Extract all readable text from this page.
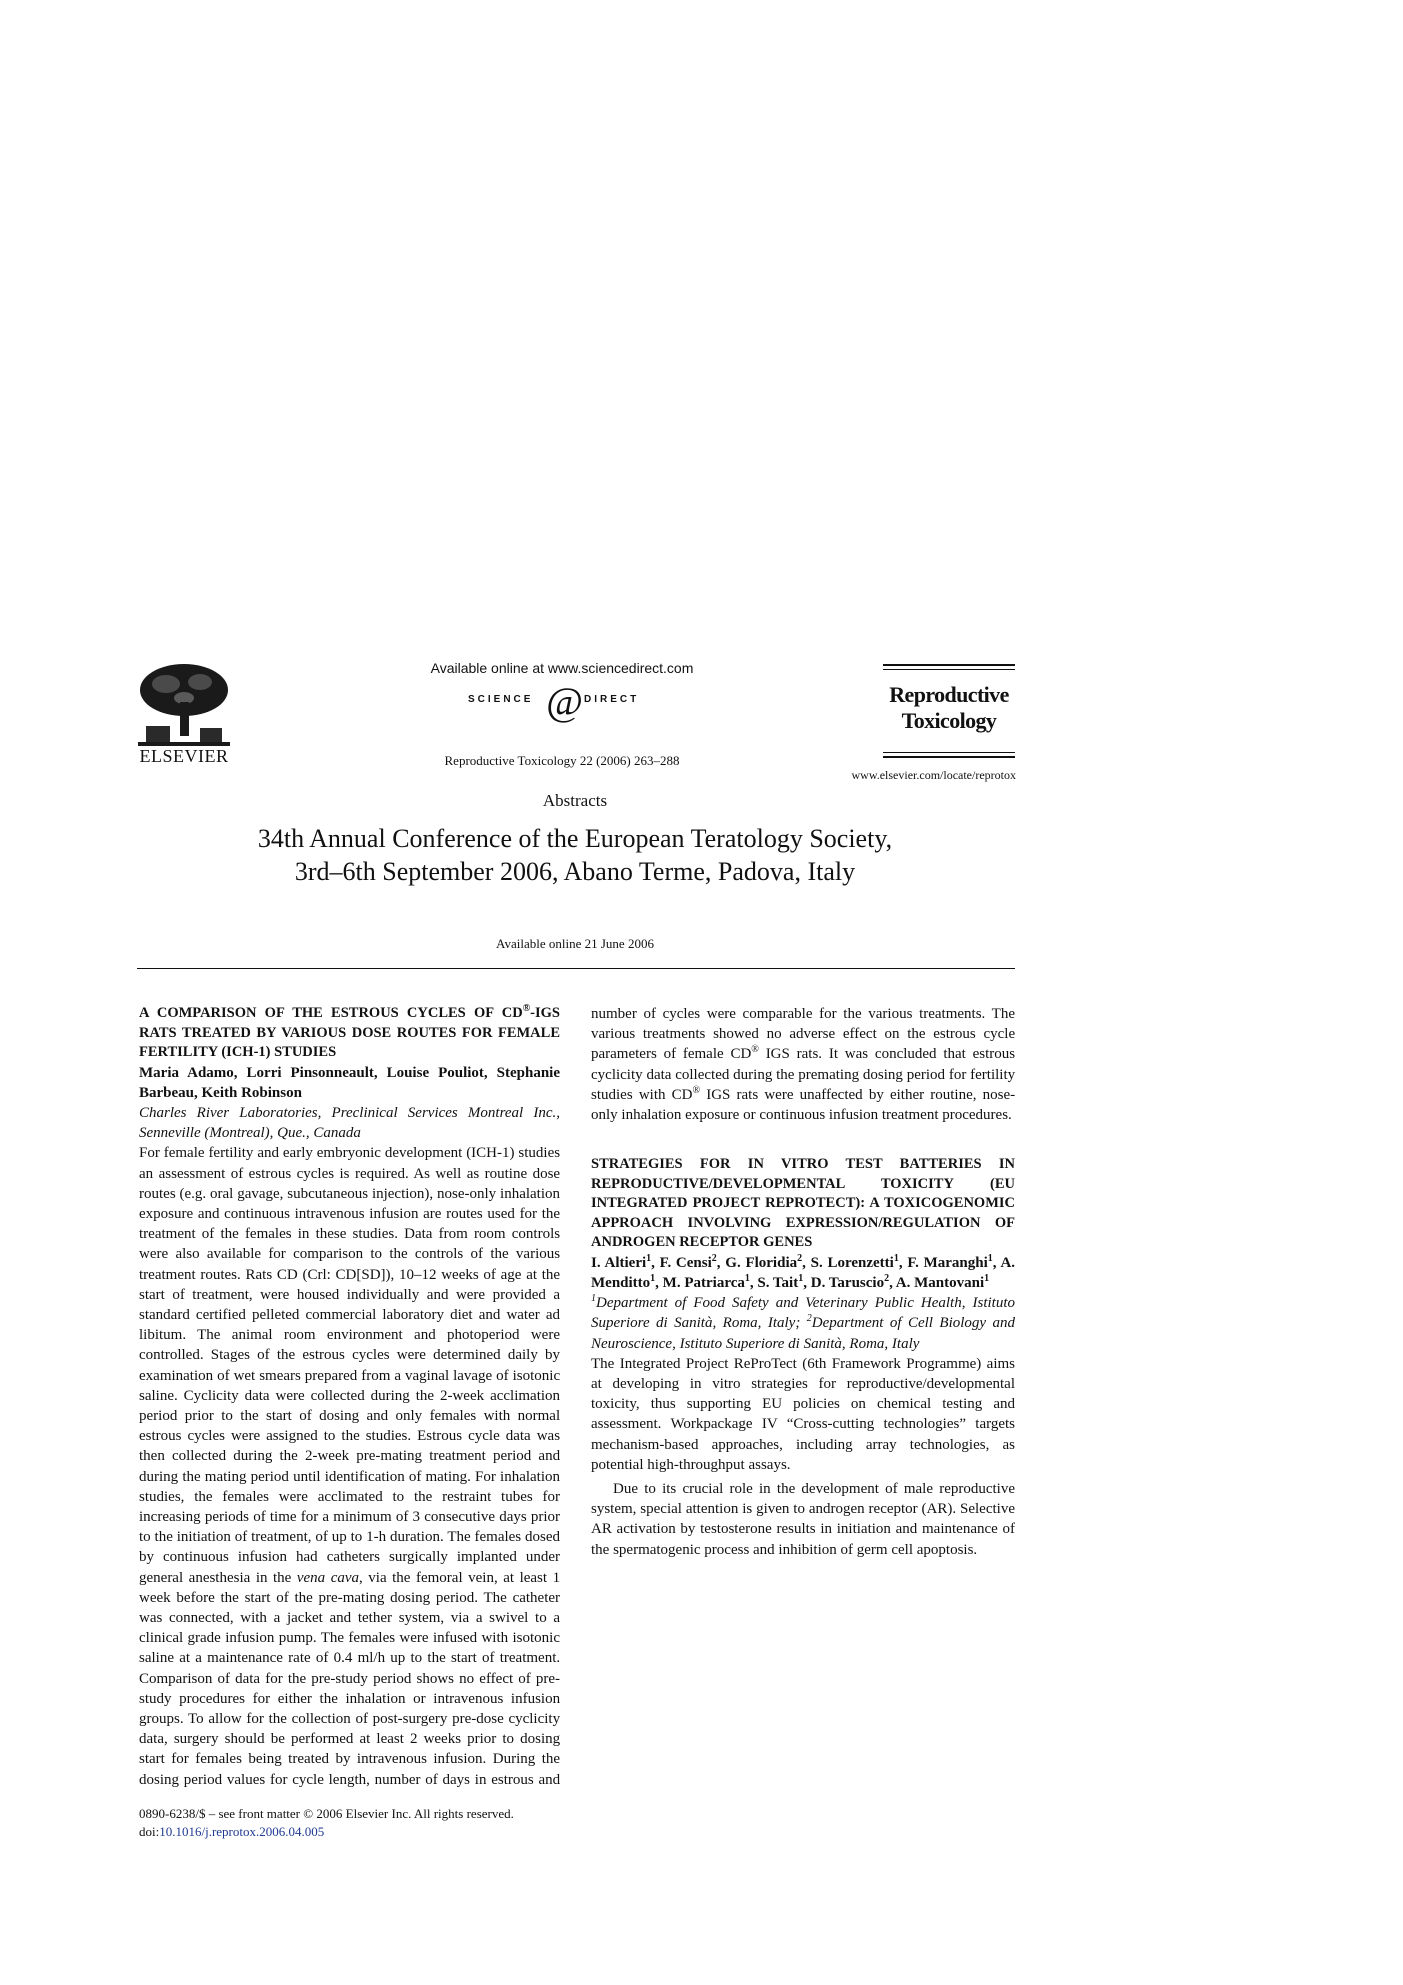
ELSEVIER
Available online at www.sciencedirect.com
SCIENCE @ DIRECT
Reproductive Toxicology 22 (2006) 263–288
Reproductive
Toxicology
www.elsevier.com/locate/reprotox
Abstracts
34th Annual Conference of the European Teratology Society,
3rd–6th September 2006, Abano Terme, Padova, Italy
Available online 21 June 2006

A COMPARISON OF THE ESTROUS CYCLES OF CD®-IGS RATS TREATED BY VARIOUS DOSE ROUTES FOR FEMALE FERTILITY (ICH-1) STUDIES

Maria Adamo, Lorri Pinsonneault, Louise Pouliot, Stephanie Barbeau, Keith Robinson

Charles River Laboratories, Preclinical Services Montreal Inc., Senneville (Montreal), Que., Canada

For female fertility and early embryonic development (ICH-1) studies an assessment of estrous cycles is required. As well as routine dose routes (e.g. oral gavage, subcutaneous injection), nose-only inhalation exposure and continuous intravenous infusion are routes used for the treatment of the females in these studies. Data from room controls were also available for comparison to the controls of the various treatment routes. Rats CD (Crl: CD[SD]), 10–12 weeks of age at the start of treatment, were housed individually and were provided a standard certified pelleted commercial laboratory diet and water ad libitum. The animal room environment and photoperiod were controlled. Stages of the estrous cycles were determined daily by examination of wet smears prepared from a vaginal lavage of isotonic saline. Cyclicity data were collected during the 2-week acclimation period prior to the start of dosing and only females with normal estrous cycles were assigned to the studies. Estrous cycle data was then collected during the 2-week pre-mating treatment period and during the mating period until identification of mating. For inhalation studies, the females were acclimated to the restraint tubes for increasing periods of time for a minimum of 3 consecutive days prior to the initiation of treatment, of up to 1-h duration. The females dosed by continuous infusion had catheters surgically implanted under general anesthesia in the vena cava, via the femoral vein, at least 1 week before the start of the pre-mating dosing period. The catheter was connected, with a jacket and tether system, via a swivel to a clinical grade infusion pump. The females were infused with isotonic saline at a maintenance rate of 0.4 ml/h up to the start of treatment. Comparison of data for the pre-study period shows no effect of pre-study procedures for either the inhalation or intravenous infusion groups. To allow for the collection of post-surgery pre-dose cyclicity data, surgery should be performed at least 2 weeks prior to dosing start for females being treated by intravenous infusion. During the dosing period values for cycle length, number of days in estrous and

number of cycles were comparable for the various treatments. The various treatments showed no adverse effect on the estrous cycle parameters of female CD® IGS rats. It was concluded that estrous cyclicity data collected during the premating dosing period for fertility studies with CD® IGS rats were unaffected by either routine, nose-only inhalation exposure or continuous infusion treatment procedures.

STRATEGIES FOR IN VITRO TEST BATTERIES IN REPRODUCTIVE/DEVELOPMENTAL TOXICITY (EU INTEGRATED PROJECT REPROTECT): A TOXICOGENOMIC APPROACH INVOLVING EXPRESSION/REGULATION OF ANDROGEN RECEPTOR GENES

I. Altieri$^1$, F. Censi$^2$, G. Floridia$^2$, S. Lorenzetti$^1$, F. Maranghi$^1$, A. Menditto$^1$, M. Patriarca$^1$, S. Tait$^1$, D. Taruscio$^2$, A. Mantovani$^1$

$^1$Department of Food Safety and Veterinary Public Health, Istituto Superiore di Sanità, Roma, Italy; $^2$Department of Cell Biology and Neuroscience, Istituto Superiore di Sanità, Roma, Italy

The Integrated Project ReProTect (6th Framework Programme) aims at developing in vitro strategies for reproductive/developmental toxicity, thus supporting EU policies on chemical testing and assessment. Workpackage IV “Cross-cutting technologies” targets mechanism-based approaches, including array technologies, as potential high-throughput assays.

Due to its crucial role in the development of male reproductive system, special attention is given to androgen receptor (AR). Selective AR activation by testosterone results in initiation and maintenance of the spermatogenic process and inhibition of germ cell apoptosis.

0890-6238/$ – see front matter © 2006 Elsevier Inc. All rights reserved.
doi:10.1016/j.reprotox.2006.04.005
